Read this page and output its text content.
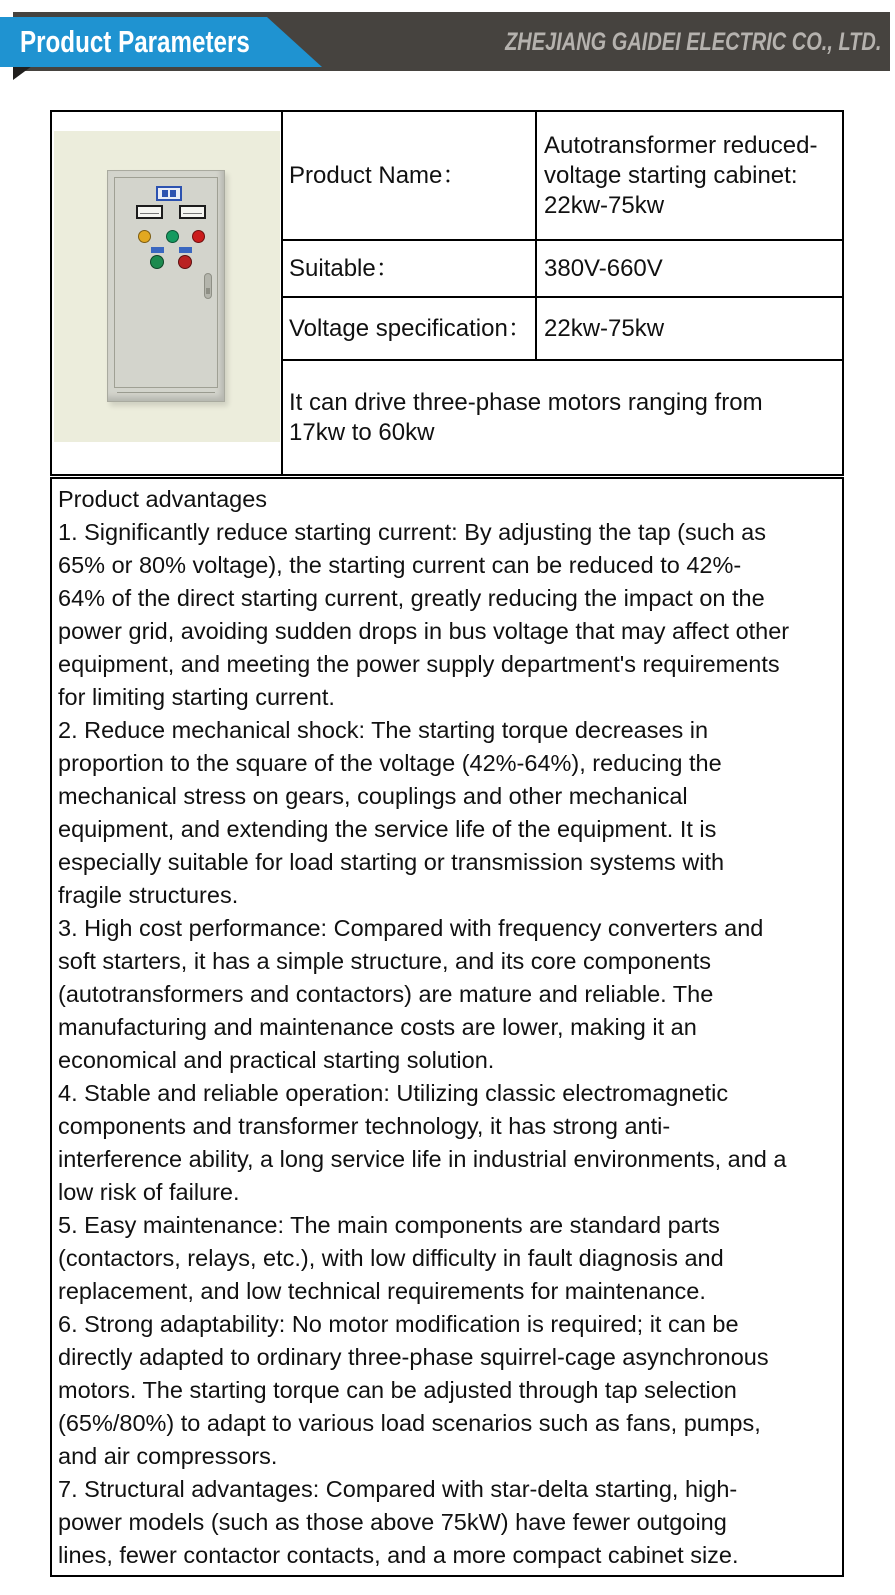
Product Parameters	ZHEJIANG GAIDEI ELECTRIC CO., LTD.
Product Name：
Autotransformer reduced-voltage starting cabinet: 22kw-75kw
Suitable：	380V-660V
Voltage specification： 22kw-75kw
It can drive three-phase motors ranging from 17kw to 60kw
Product advantages
1. Significantly reduce starting current: By adjusting the tap (such as
65% or 80% voltage), the starting current can be reduced to 42%-
64% of the direct starting current, greatly reducing the impact on the
power grid, avoiding sudden drops in bus voltage that may affect other
equipment, and meeting the power supply department's requirements
for limiting starting current.
2. Reduce mechanical shock: The starting torque decreases in
proportion to the square of the voltage (42%-64%), reducing the
mechanical stress on gears, couplings and other mechanical
equipment, and extending the service life of the equipment. It is
especially suitable for load starting or transmission systems with
fragile structures.
3. High cost performance: Compared with frequency converters and
soft starters, it has a simple structure, and its core components
(autotransformers and contactors) are mature and reliable. The
manufacturing and maintenance costs are lower, making it an
economical and practical starting solution.
4. Stable and reliable operation: Utilizing classic electromagnetic
components and transformer technology, it has strong anti-
interference ability, a long service life in industrial environments, and a
low risk of failure.
5. Easy maintenance: The main components are standard parts
(contactors, relays, etc.), with low difficulty in fault diagnosis and
replacement, and low technical requirements for maintenance.
6. Strong adaptability: No motor modification is required; it can be
directly adapted to ordinary three-phase squirrel-cage asynchronous
motors. The starting torque can be adjusted through tap selection
(65%/80%) to adapt to various load scenarios such as fans, pumps,
and air compressors.
7. Structural advantages: Compared with star-delta starting, high-
power models (such as those above 75kW) have fewer outgoing
lines, fewer contactor contacts, and a more compact cabinet size.
